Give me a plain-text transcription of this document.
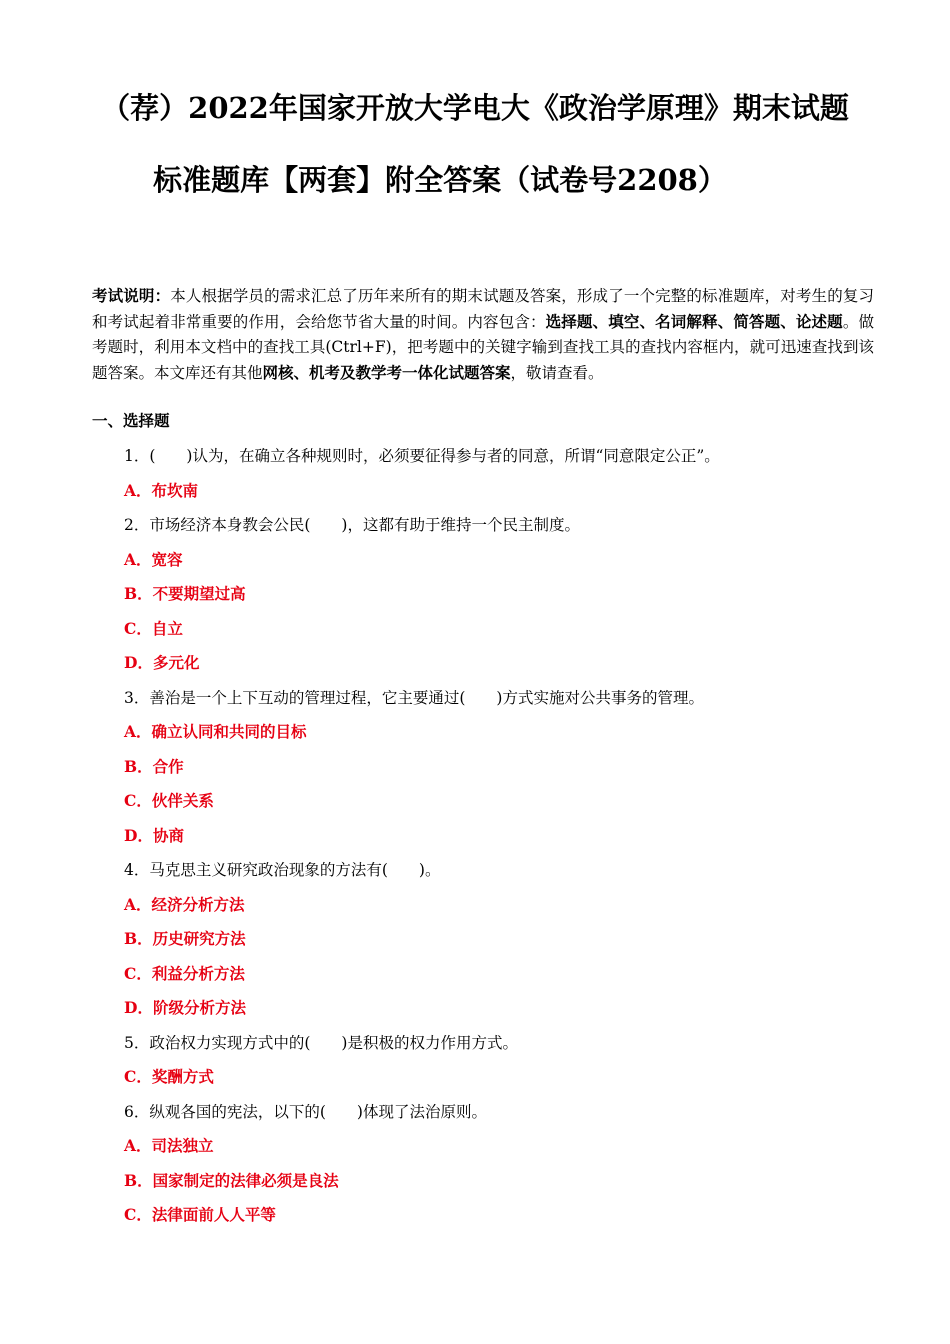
（荐）2022年国家开放大学电大《政治学原理》期末试题
标准题库【两套】附全答案（试卷号2208）
考试说明：本人根据学员的需求汇总了历年来所有的期末试题及答案，形成了一个完整的标准题库，对考生的复习和考试起着非常重要的作用，会给您节省大量的时间。内容包含：选择题、填空、名词解释、简答题、论述题。做考题时，利用本文档中的查找工具(Ctrl+F)，把考题中的关键字输到查找工具的查找内容框内，就可迅速查找到该题答案。本文库还有其他网核、机考及教学考一体化试题答案，敬请查看。
一、选择题
1．(　　)认为，在确立各种规则时，必须要征得参与者的同意，所谓“同意限定公正”。
A．布坎南
2．市场经济本身教会公民(　　)，这都有助于维持一个民主制度。
A．宽容
B．不要期望过高
C．自立
D．多元化
3．善治是一个上下互动的管理过程，它主要通过(　　)方式实施对公共事务的管理。
A．确立认同和共同的目标
B．合作
C．伙伴关系
D．协商
4．马克思主义研究政治现象的方法有(　　)。
A．经济分析方法
B．历史研究方法
C．利益分析方法
D．阶级分析方法
5．政治权力实现方式中的(　　)是积极的权力作用方式。
C．奖酬方式
6．纵观各国的宪法，以下的(　　)体现了法治原则。
A．司法独立
B．国家制定的法律必须是良法
C．法律面前人人平等
